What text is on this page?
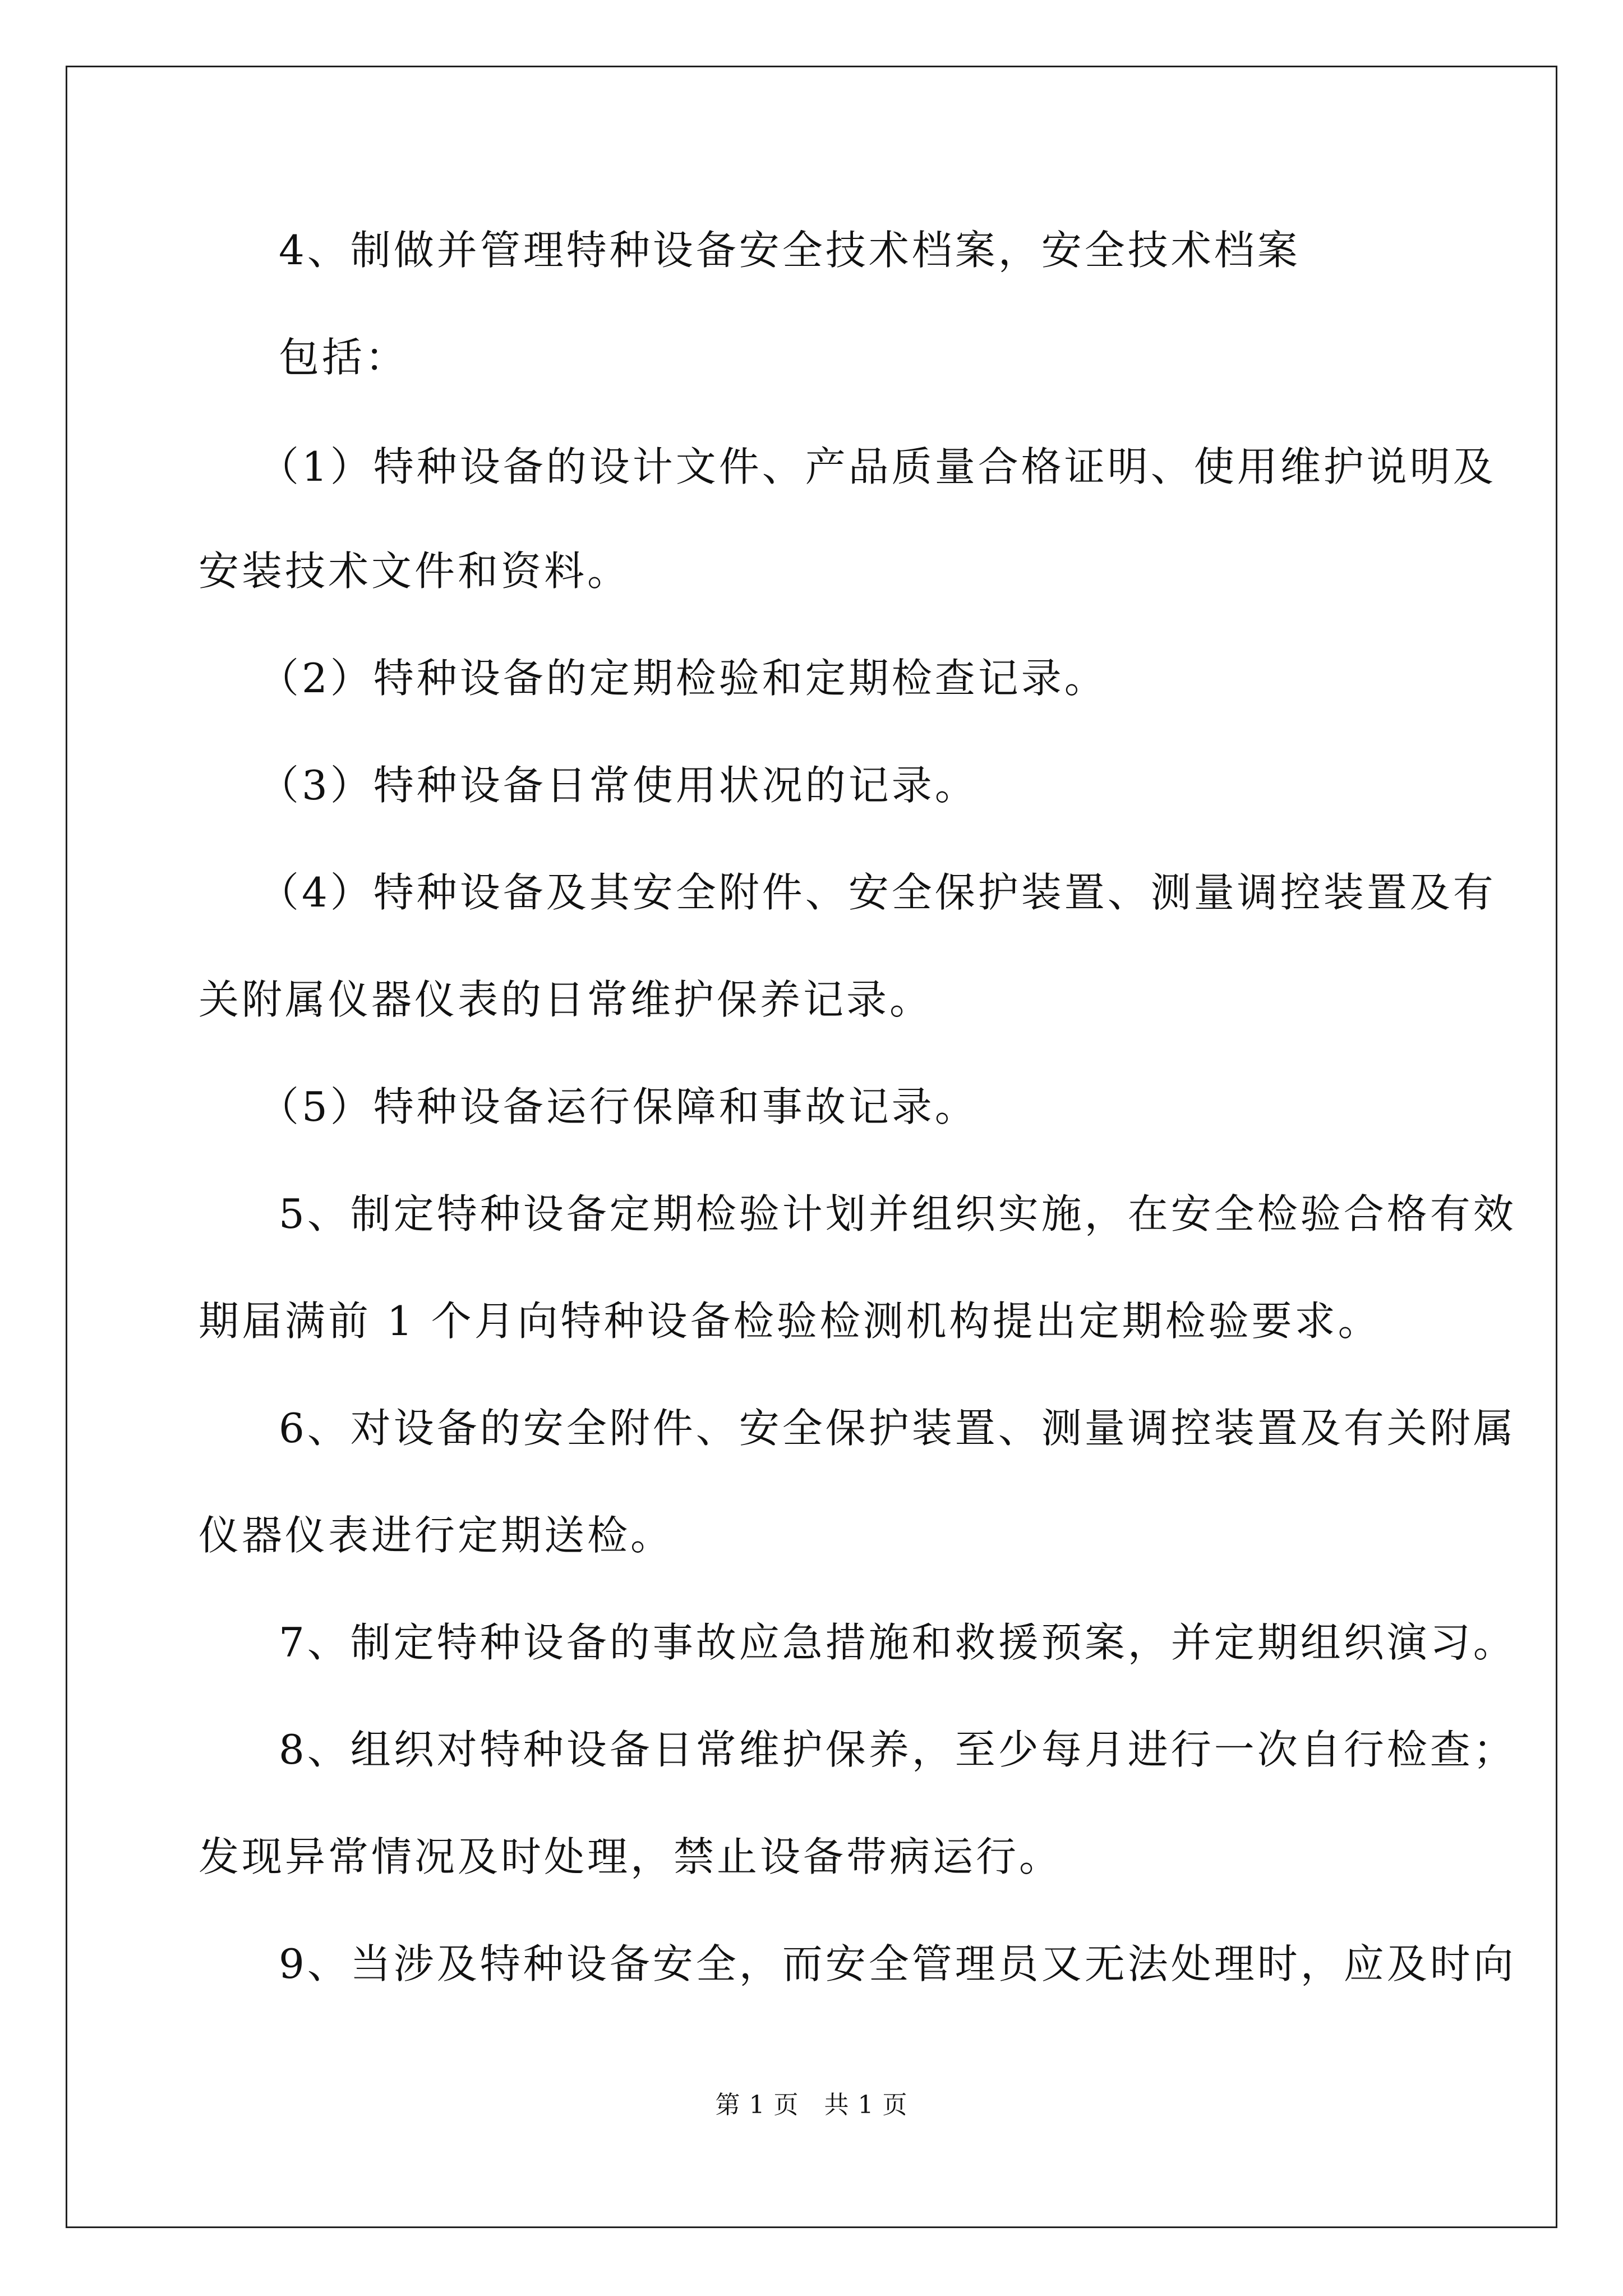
4、制做并管理特种设备安全技术档案，安全技术档案
包括：
（1）特种设备的设计文件、产品质量合格证明、使用维护说明及
安装技术文件和资料。
（2）特种设备的定期检验和定期检查记录。
（3）特种设备日常使用状况的记录。
（4）特种设备及其安全附件、安全保护装置、测量调控装置及有
关附属仪器仪表的日常维护保养记录。
（5）特种设备运行保障和事故记录。
5、制定特种设备定期检验计划并组织实施，在安全检验合格有效
期届满前 1 个月向特种设备检验检测机构提出定期检验要求。
6、对设备的安全附件、安全保护装置、测量调控装置及有关附属
仪器仪表进行定期送检。
7、制定特种设备的事故应急措施和救援预案，并定期组织演习。
8、组织对特种设备日常维护保养，至少每月进行一次自行检查；
发现异常情况及时处理，禁止设备带病运行。
9、当涉及特种设备安全，而安全管理员又无法处理时，应及时向
第 1 页　共 1 页
